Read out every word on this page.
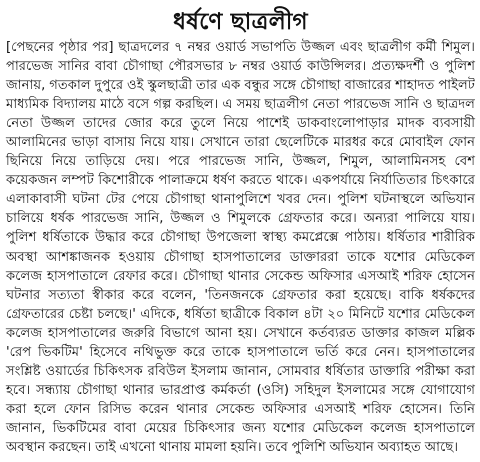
ধর্ষণে ছাত্রলীগ

[পেছনের পৃষ্ঠার পর] ছাত্রদলের ৭ নম্বর ওয়ার্ড সভাপতি উজ্জল এবং ছাত্রলীগ কর্মী শিমুল। পারভেজ সানির বাবা চৌগাছা পৌরসভার ৮ নম্বর ওয়ার্ড কাউন্সিলর। প্রত্যক্ষদর্শী ও পুলিশ জানায়, গতকাল দুপুরে ওই স্কুলছাত্রী তার এক বন্ধুর সঙ্গে চৌগাছা বাজারের শাহাদত পাইলট মাধ্যমিক বিদ্যালয় মাঠে বসে গল্প করছিল। এ সময় ছাত্রলীগ নেতা পারভেজ সানি ও ছাত্রদল নেতা উজ্জল তাদের জোর করে তুলে নিয়ে পাশেই ডাকবাংলোপাড়ার মাদক ব্যবসায়ী আলামিনের ভাড়া বাসায় নিয়ে যায়। সেখানে তারা ছেলেটিকে মারধর করে মোবাইল ফোন ছিনিয়ে নিয়ে তাড়িয়ে দেয়। পরে পারভেজ সানি, উজ্জল, শিমুল, আলামিনসহ বেশ কয়েকজন লম্পট কিশোরীকে পালাক্রমে ধর্ষণ করতে থাকে। একপর্যায়ে নির্যাতিতার চিৎকারে এলাকাবাসী ঘটনা টের পেয়ে চৌগাছা থানাপুলিশে খবর দেন। পুলিশ ঘটনাস্থলে অভিযান চালিয়ে ধর্ষক পারভেজ সানি, উজ্জল ও শিমুলকে গ্রেফতার করে। অন্যরা পালিয়ে যায়। পুলিশ ধর্ষিতাকে উদ্ধার করে চৌগাছা উপজেলা স্বাস্থ্য কমপ্লেক্সে পাঠায়। ধর্ষিতার শারীরিক অবস্থা আশঙ্কাজনক হওয়ায় চৌগাছা হাসপাতালের ডাক্তাররা তাকে যশোর মেডিকেল কলেজ হাসপাতালে রেফার করে। চৌগাছা থানার সেকেন্ড অফিসার এসআই শরিফ হোসেন ঘটনার সত্যতা স্বীকার করে বলেন, 'তিনজনকে গ্রেফতার করা হয়েছে। বাকি ধর্ষকদের গ্রেফতারের চেষ্টা চলছে।' এদিকে, ধর্ষিতা ছাত্রীকে বিকাল ৪টা ২০ মিনিটে যশোর মেডিকেল কলেজ হাসপাতালের জরুরি বিভাগে আনা হয়। সেখানে কর্তব্যরত ডাক্তার কাজল মল্লিক 'রেপ ভিকটিম' হিসেবে নথিভুক্ত করে তাকে হাসপাতালে ভর্তি করে নেন। হাসপাতালের সংশ্লিষ্ট ওয়ার্ডের চিকিৎসক রবিউল ইসলাম জানান, সোমবার ধর্ষিতার ডাক্তারি পরীক্ষা করা হবে। সন্ধ্যায় চৌগাছা থানার ভারপ্রাপ্ত কর্মকর্তা (ওসি) সহিদুল ইসলামের সঙ্গে যোগাযোগ করা হলে ফোন রিসিভ করেন থানার সেকেন্ড অফিসার এসআই শরিফ হোসেন। তিনি জানান, ভিকটিমের বাবা মেয়ের চিকিৎসার জন্য যশোর মেডিকেল কলেজ হাসপাতালে অবস্থান করছেন। তাই এখনো থানায় মামলা হয়নি। তবে পুলিশি অভিযান অব্যাহত আছে।
